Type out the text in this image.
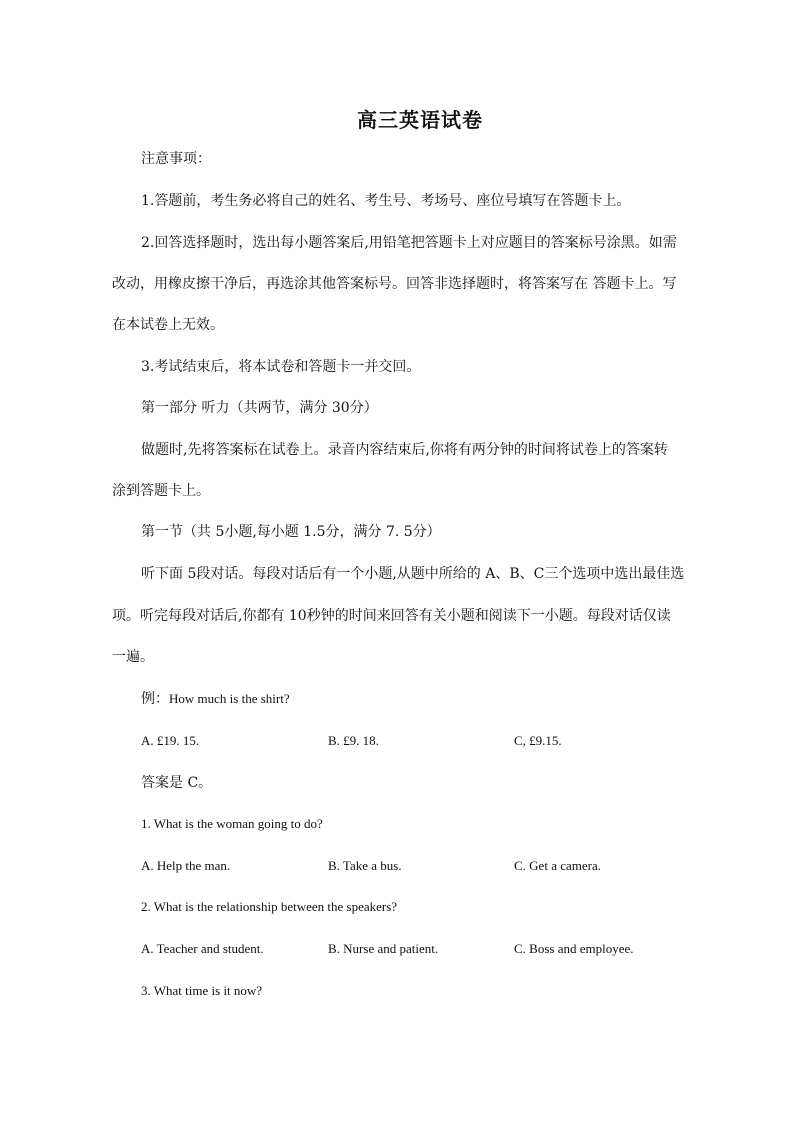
高三英语试卷
注意事项：
1.答题前，考生务必将自己的姓名、考生号、考场号、座位号填写在答题卡上。
2.回答选择题时，选出每小题答案后,用铅笔把答题卡上对应题目的答案标号涂黑。如需
改动，用橡皮擦干净后，再选涂其他答案标号。回答非选择题时，将答案写在 答题卡上。写
在本试卷上无效。
3.考试结束后，将本试卷和答题卡一并交回。
第一部分 听力（共两节，满分 30分）
做题时,先将答案标在试卷上。录音内容结束后,你将有两分钟的时间将试卷上的答案转
涂到答题卡上。
第一节（共 5小题,每小题 1.5分，满分 7. 5分）
听下面 5段对话。每段对话后有一个小题,从题中所给的 A、B、C三个选项中选出最佳选
项。听完每段对话后,你都有 10秒钟的时间来回答有关小题和阅读下一小题。每段对话仅读
一遍。
例：How much is the shirt?
A. £19. 15.	B. £9. 18.	C, £9.15.
答案是 C。
1. What is the woman going to do?
A. Help the man.	B. Take a bus.	C. Get a camera.
2. What is the relationship between the speakers?
A. Teacher and student.	B. Nurse and patient.	C. Boss and employee.
3. What time is it now?
